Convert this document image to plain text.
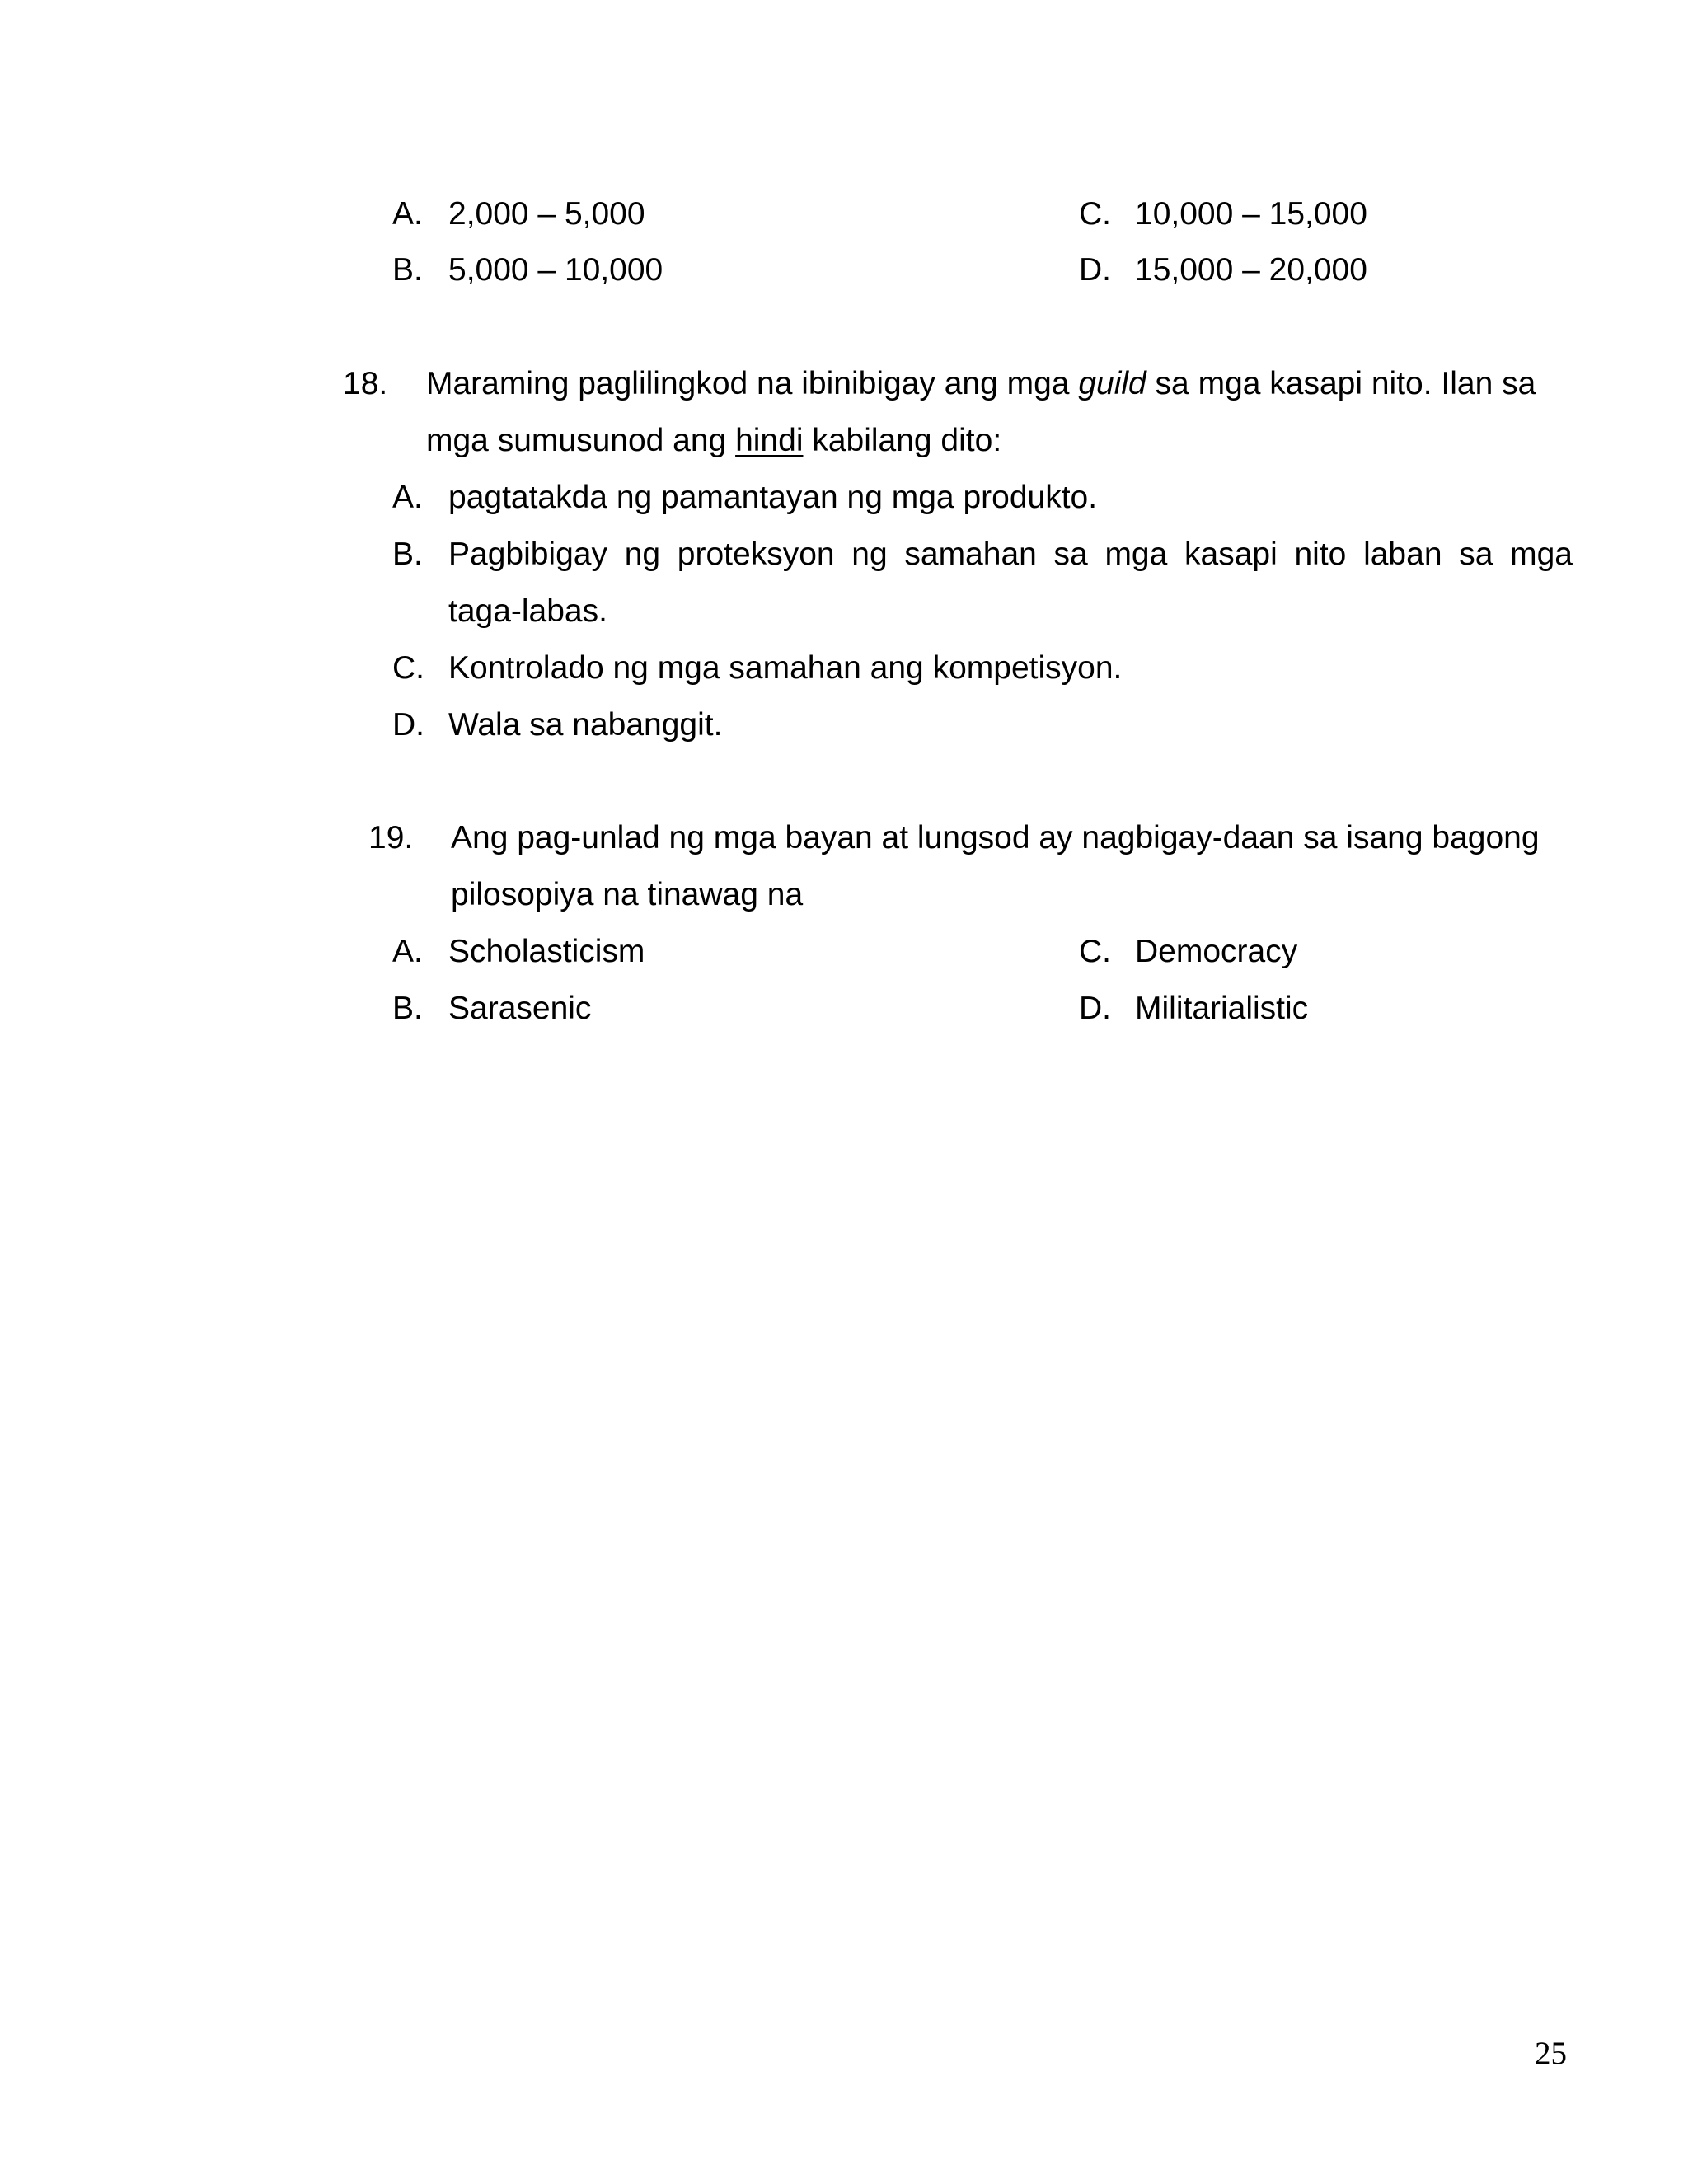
A. 2,000 – 5,000
B. 5,000 – 10,000
C. 10,000 – 15,000
D. 15,000 – 20,000
18. Maraming paglilingkod na ibinibigay ang mga guild sa mga kasapi nito. Ilan sa
mga sumusunod ang hindi kabilang dito:
A. pagtatakda ng pamantayan ng mga produkto.
B. Pagbibigay ng proteksyon ng samahan sa mga kasapi nito laban sa mga
taga-labas.
C. Kontrolado ng mga samahan ang kompetisyon.
D. Wala sa nabanggit.
19. Ang pag-unlad ng mga bayan at lungsod ay nagbigay-daan sa isang bagong
pilosopiya na tinawag na
A. Scholasticism
B. Sarasenic
C. Democracy
D. Militarialistic
25
